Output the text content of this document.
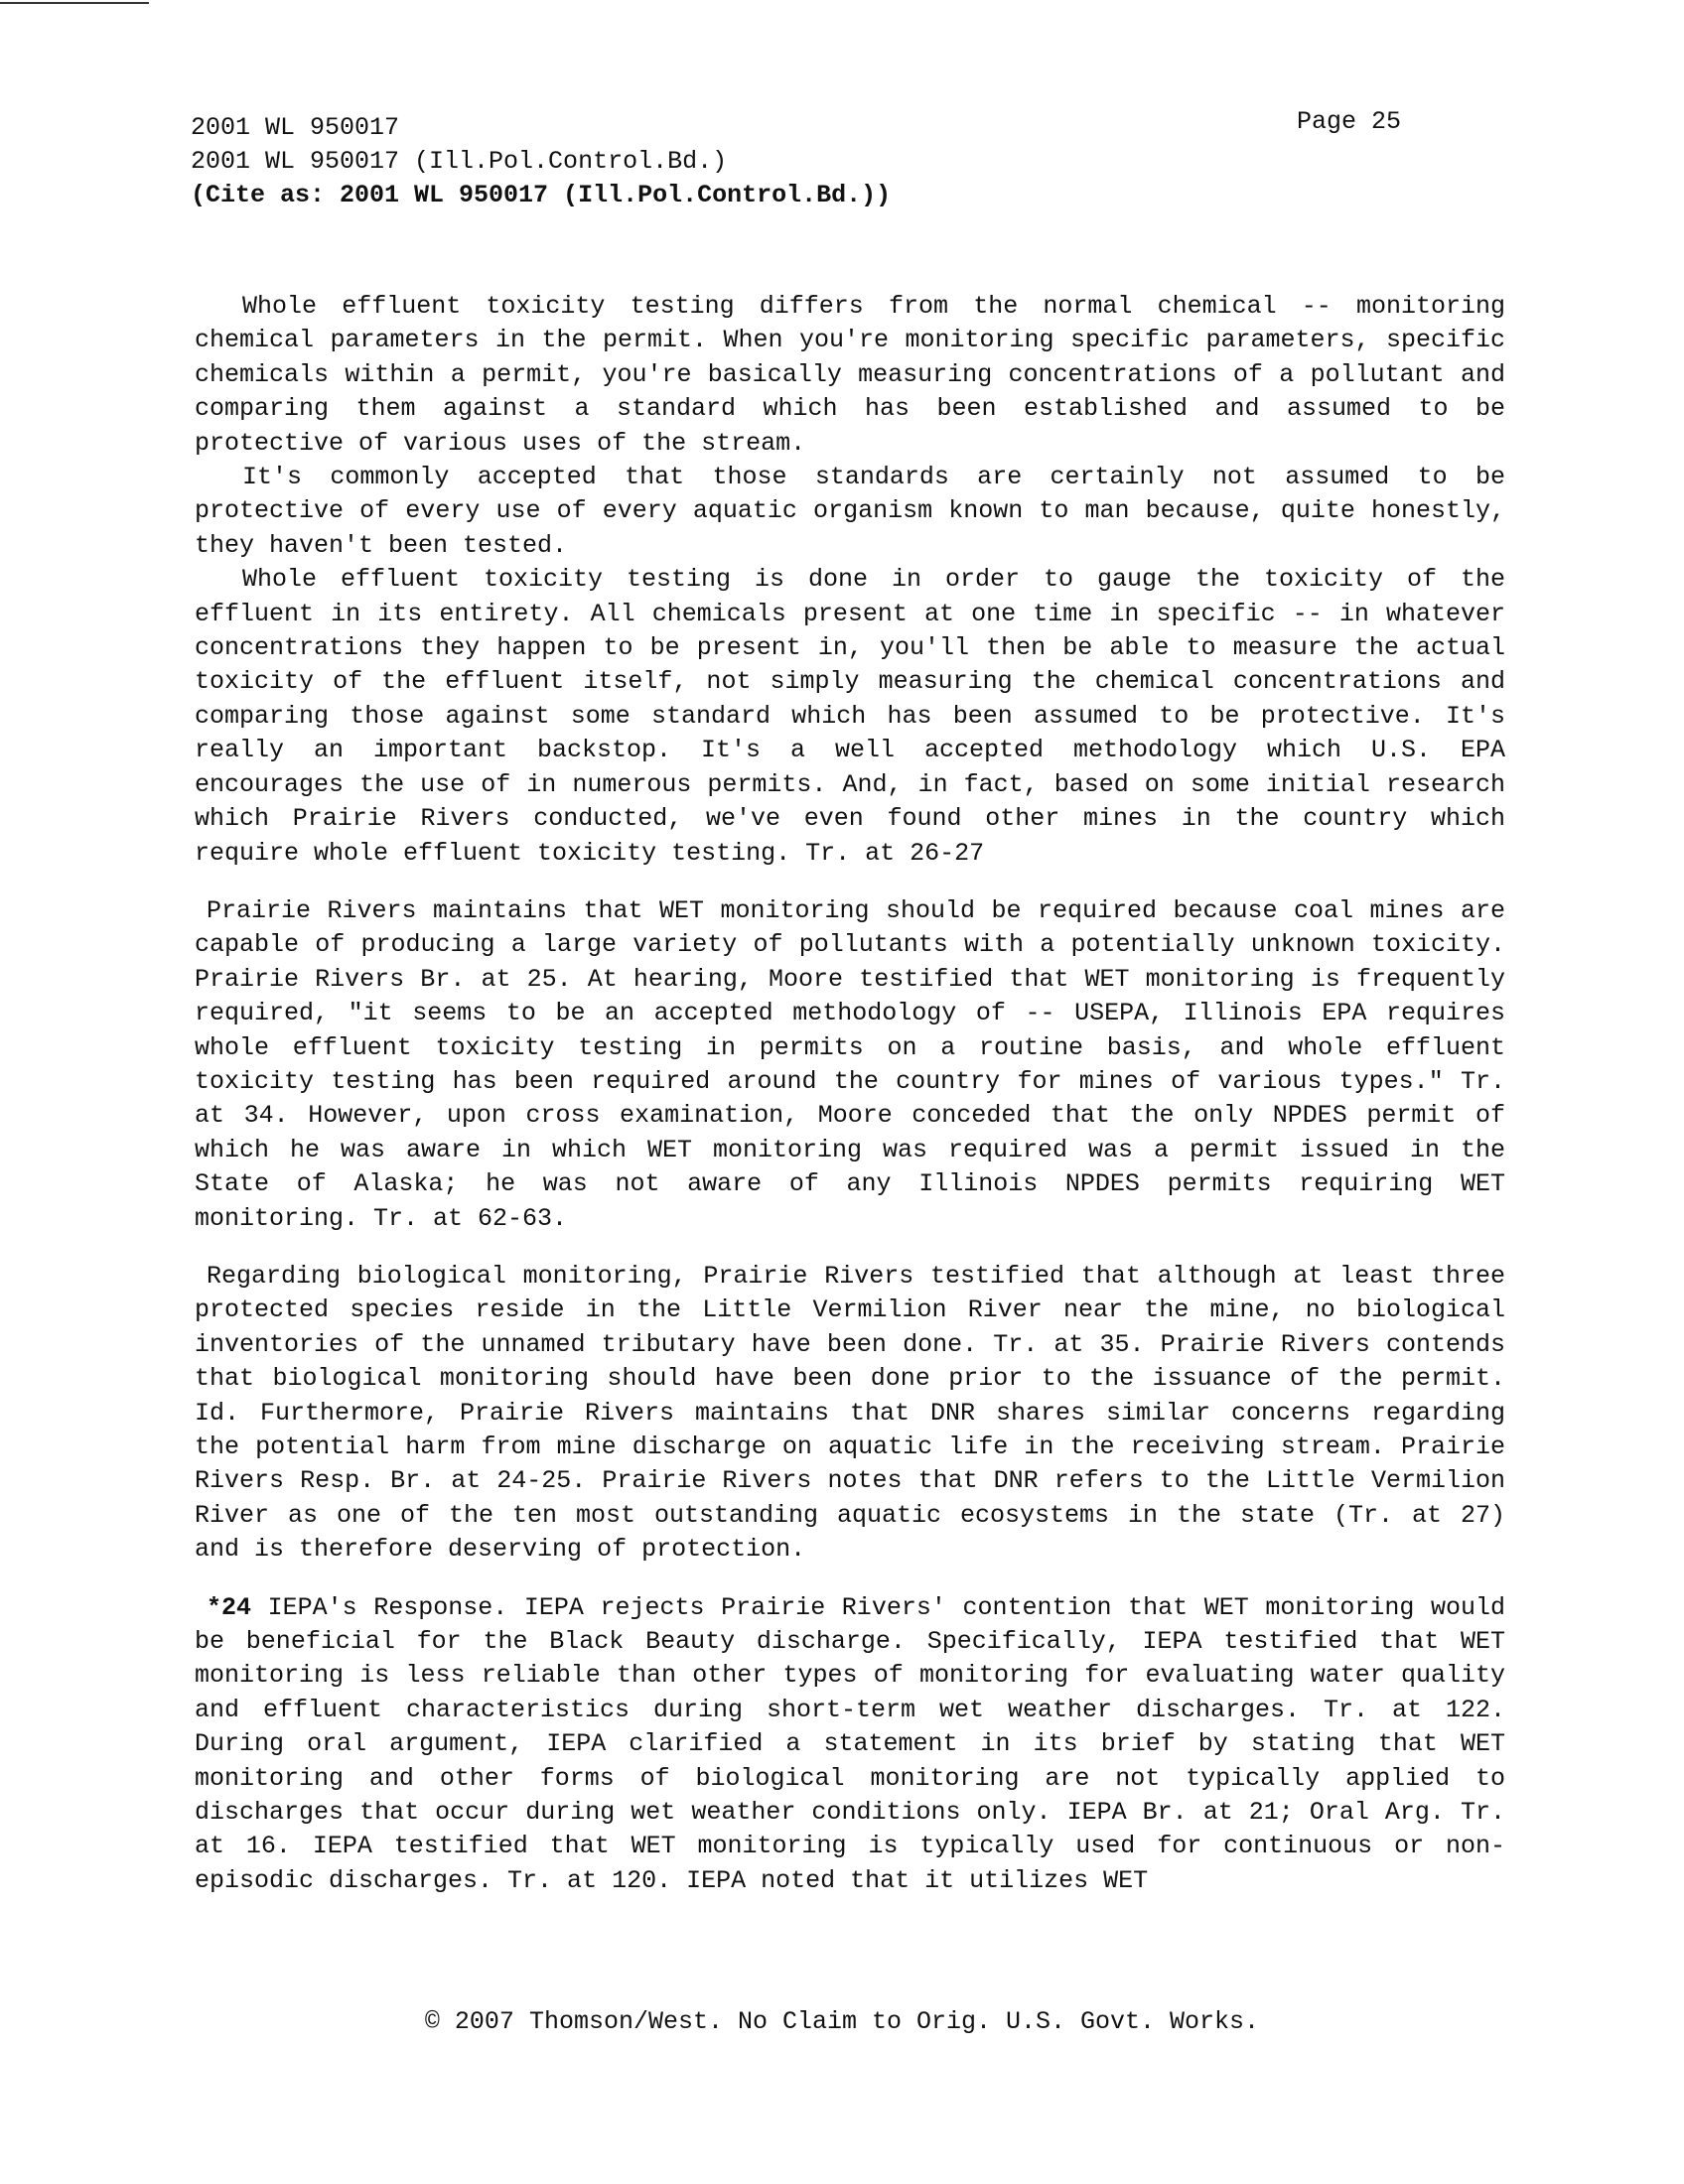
2001 WL 950017
2001 WL 950017 (Ill.Pol.Control.Bd.)
(Cite as: 2001 WL 950017 (Ill.Pol.Control.Bd.))
Page 25

Whole effluent toxicity testing differs from the normal chemical -- monitoring chemical parameters in the permit. When you're monitoring specific parameters, specific chemicals within a permit, you're basically measuring concentrations of a pollutant and comparing them against a standard which has been established and assumed to be protective of various uses of the stream.

It's commonly accepted that those standards are certainly not assumed to be protective of every use of every aquatic organism known to man because, quite honestly, they haven't been tested.

Whole effluent toxicity testing is done in order to gauge the toxicity of the effluent in its entirety. All chemicals present at one time in specific -- in whatever concentrations they happen to be present in, you'll then be able to measure the actual toxicity of the effluent itself, not simply measuring the chemical concentrations and comparing those against some standard which has been assumed to be protective. It's really an important backstop. It's a well accepted methodology which U.S. EPA encourages the use of in numerous permits. And, in fact, based on some initial research which Prairie Rivers conducted, we've even found other mines in the country which require whole effluent toxicity testing. Tr. at 26-27

Prairie Rivers maintains that WET monitoring should be required because coal mines are capable of producing a large variety of pollutants with a potentially unknown toxicity. Prairie Rivers Br. at 25. At hearing, Moore testified that WET monitoring is frequently required, "it seems to be an accepted methodology of -- USEPA, Illinois EPA requires whole effluent toxicity testing in permits on a routine basis, and whole effluent toxicity testing has been required around the country for mines of various types." Tr. at 34. However, upon cross examination, Moore conceded that the only NPDES permit of which he was aware in which WET monitoring was required was a permit issued in the State of Alaska; he was not aware of any Illinois NPDES permits requiring WET monitoring. Tr. at 62-63.

Regarding biological monitoring, Prairie Rivers testified that although at least three protected species reside in the Little Vermilion River near the mine, no biological inventories of the unnamed tributary have been done. Tr. at 35. Prairie Rivers contends that biological monitoring should have been done prior to the issuance of the permit. Id. Furthermore, Prairie Rivers maintains that DNR shares similar concerns regarding the potential harm from mine discharge on aquatic life in the receiving stream. Prairie Rivers Resp. Br. at 24-25. Prairie Rivers notes that DNR refers to the Little Vermilion River as one of the ten most outstanding aquatic ecosystems in the state (Tr. at 27) and is therefore deserving of protection.

*24 IEPA's Response. IEPA rejects Prairie Rivers' contention that WET monitoring would be beneficial for the Black Beauty discharge. Specifically, IEPA testified that WET monitoring is less reliable than other types of monitoring for evaluating water quality and effluent characteristics during short-term wet weather discharges. Tr. at 122. During oral argument, IEPA clarified a statement in its brief by stating that WET monitoring and other forms of biological monitoring are not typically applied to discharges that occur during wet weather conditions only. IEPA Br. at 21; Oral Arg. Tr. at 16. IEPA testified that WET monitoring is typically used for continuous or non-episodic discharges. Tr. at 120. IEPA noted that it utilizes WET

© 2007 Thomson/West. No Claim to Orig. U.S. Govt. Works.
